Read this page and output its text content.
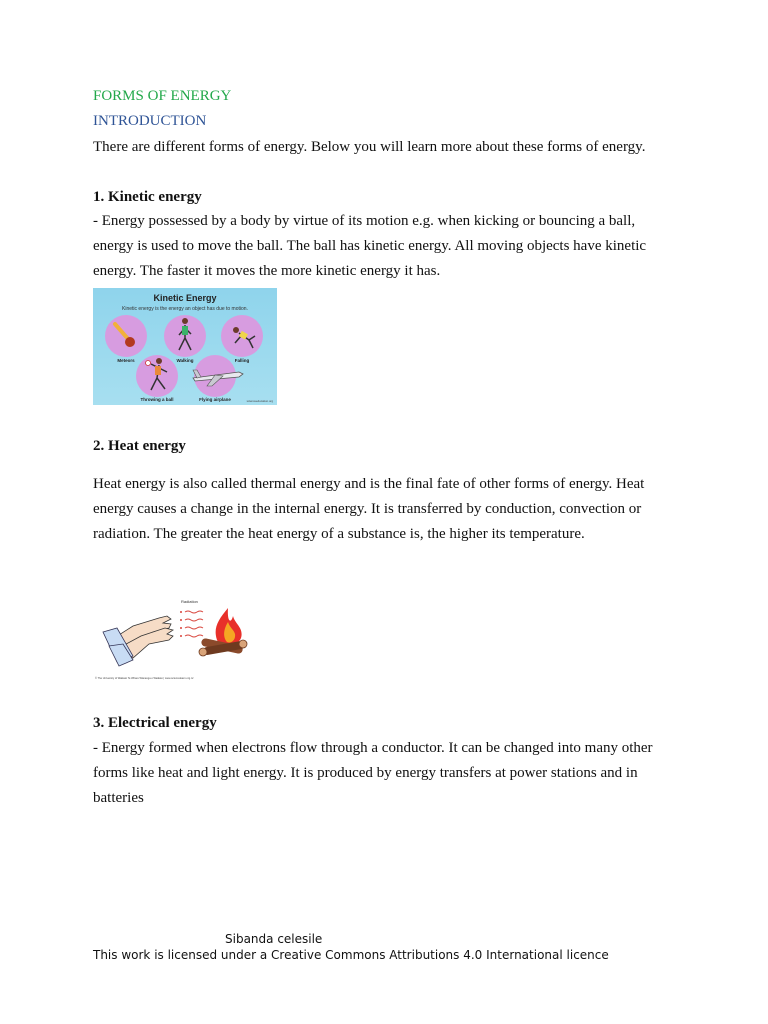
FORMS OF ENERGY
INTRODUCTION
There are different forms of energy. Below you will learn more about these forms of energy.
1. Kinetic energy
- Energy possessed by a body by virtue of its motion e.g. when kicking or bouncing a ball,
energy is used to move the ball. The ball has kinetic energy. All moving objects have kinetic
energy. The faster it moves the more kinetic energy it has.
Kinetic Energy
Kinetic energy is the energy an object has due to motion.
Meteors	Walking	Falling
Throwing a ball	Flying airplane	scienceeducation.org
2. Heat energy
Heat energy is also called thermal energy and is the final fate of other forms of energy. Heat
energy causes a change in the internal energy. It is transferred by conduction, convection or
radiation. The greater the heat energy of a substance is, the higher its temperature.
Radiation
© The University of Waikato Te Whare Wānanga o Waikato | www.sciencelearn.org.nz
3. Electrical energy
- Energy formed when electrons flow through a conductor. It can be changed into many other
forms like heat and light energy. It is produced by energy transfers at power stations and in
batteries
Sibanda celesile
This work is licensed under a Creative Commons Attributions 4.0 International licence
